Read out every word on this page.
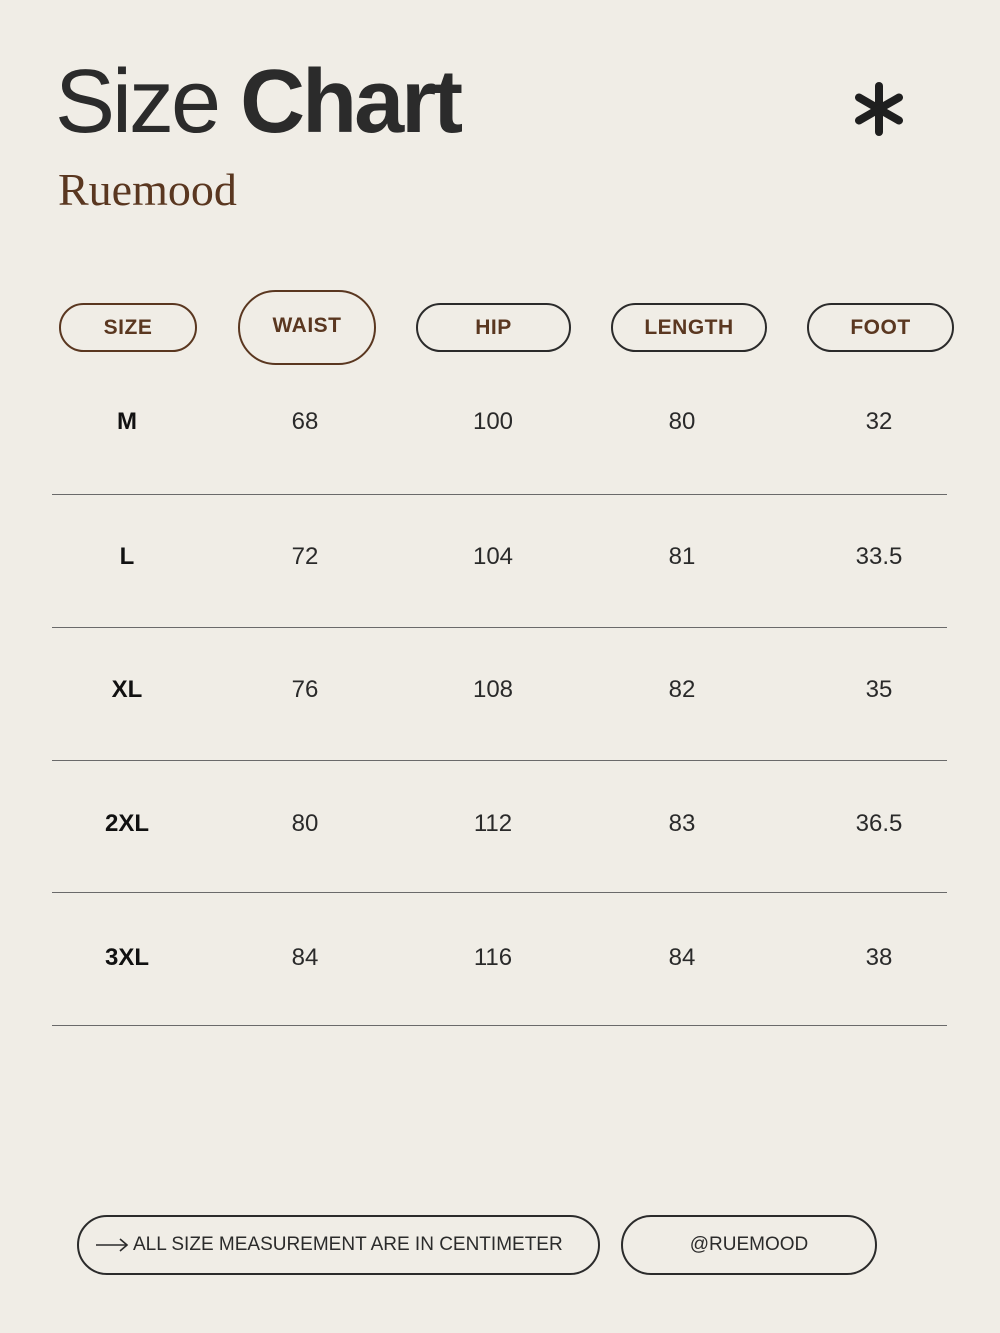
Size Chart
Ruemood
SIZE	WAIST	HIP	LENGTH	FOOT
M	68	100	80	32
L	72	104	81	33.5
XL	76	108	82	35
2XL	80	112	83	36.5
3XL	84	116	84	38
ALL SIZE MEASUREMENT ARE IN CENTIMETER	@RUEMOOD
